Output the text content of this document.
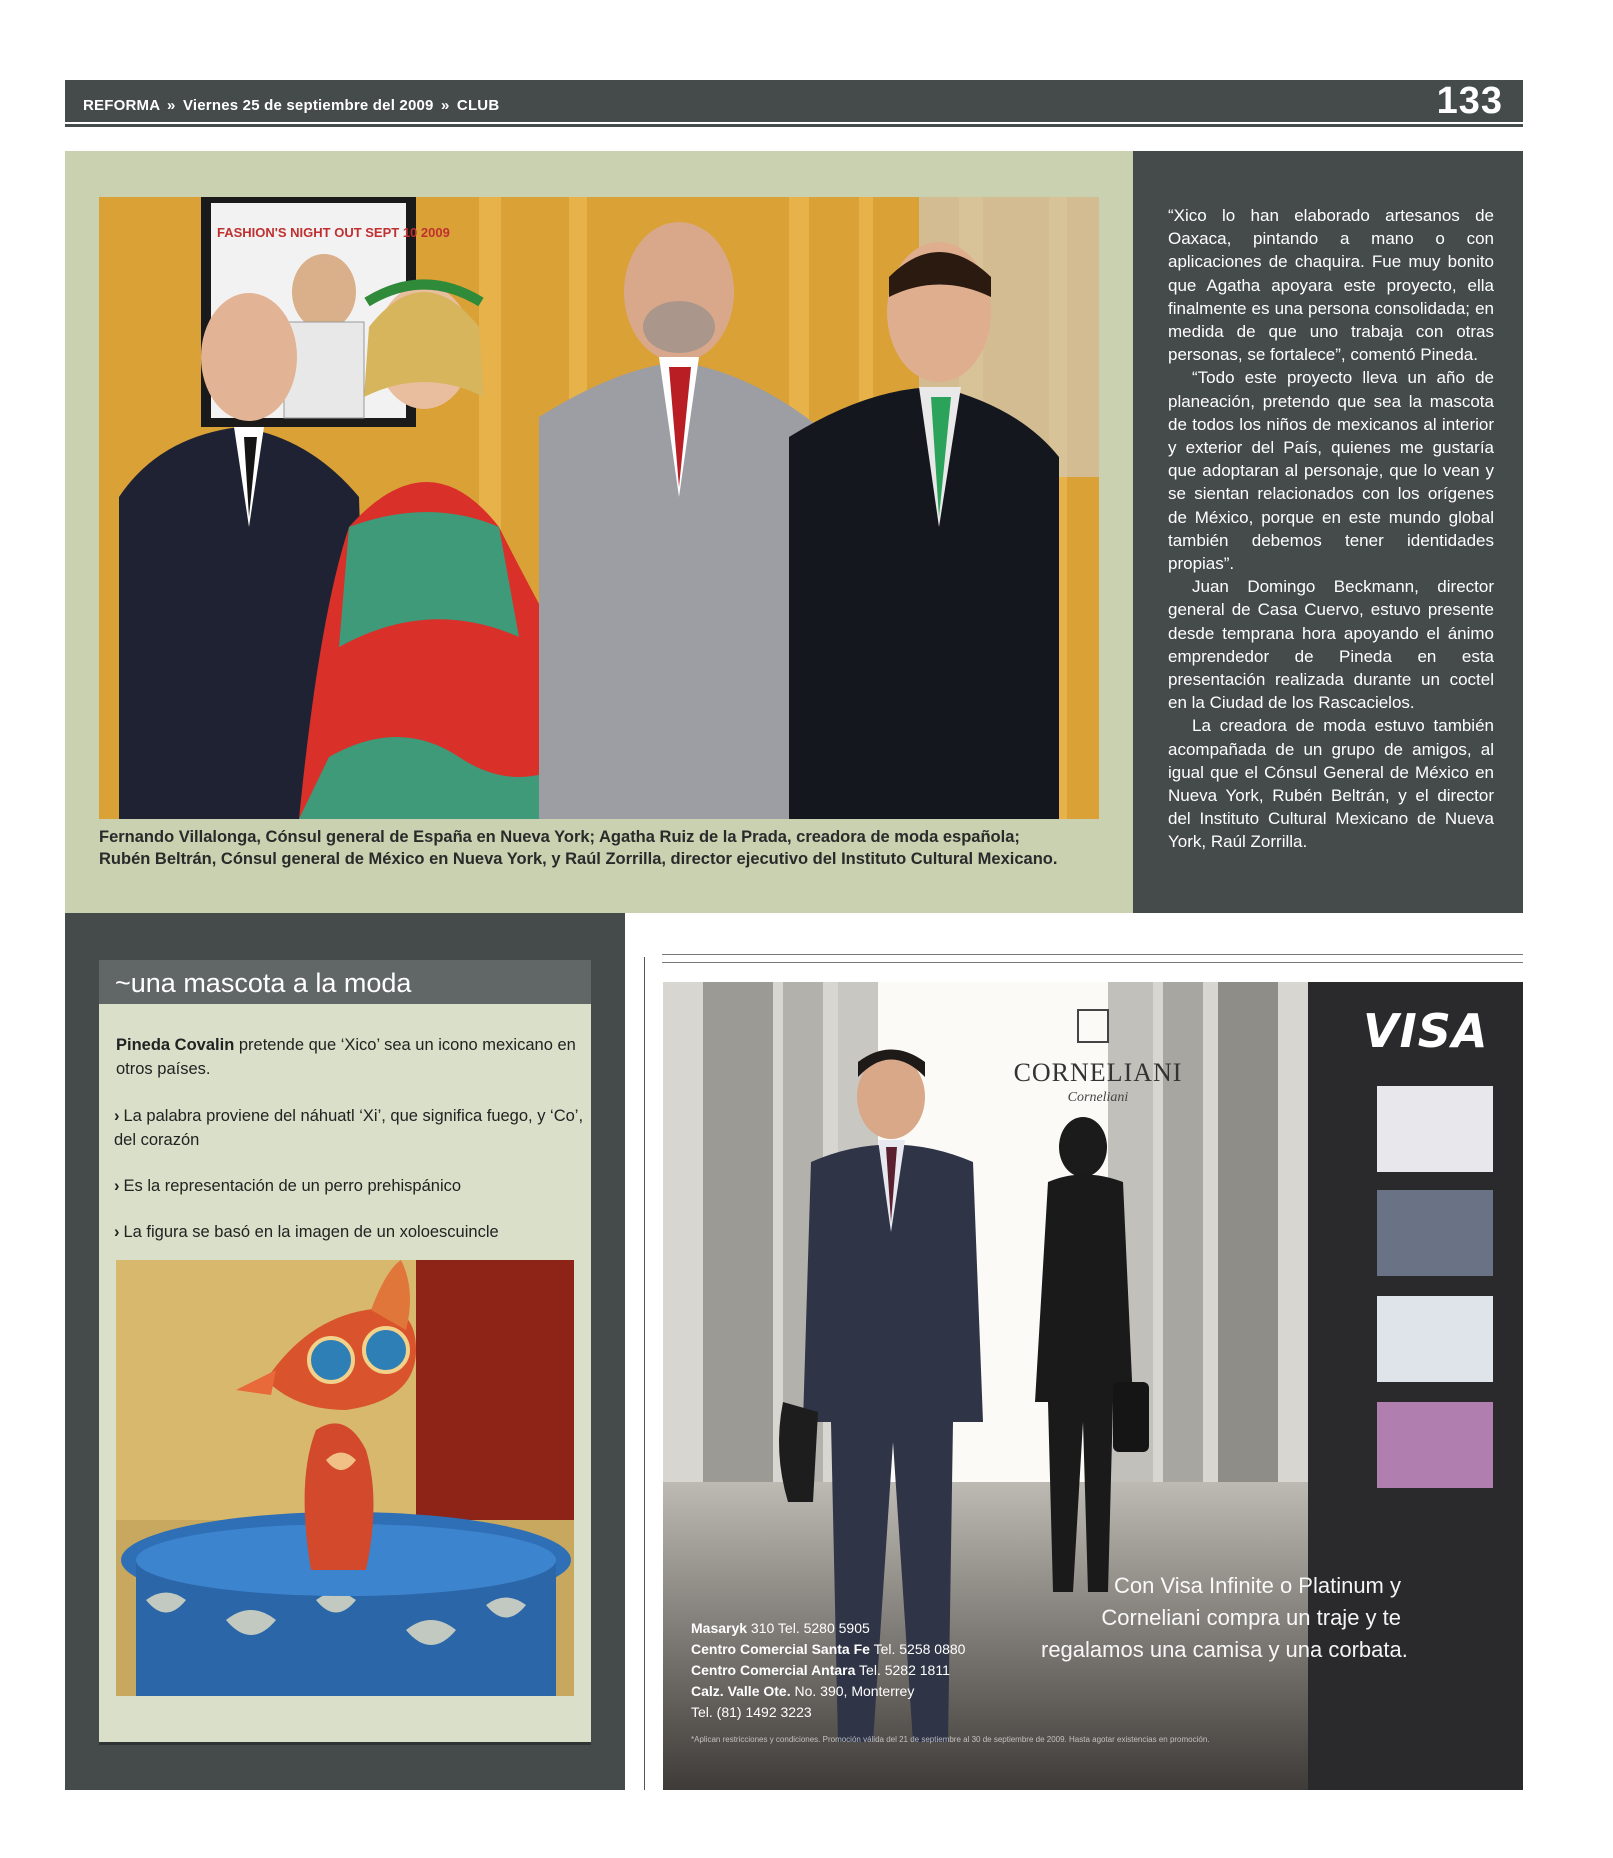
REFORMA » Viernes 25 de septiembre del 2009 » CLUB	133
FASHION'S NIGHT OUT SEPT 10 2009
Fernando Villalonga, Cónsul general de España en Nueva York; Agatha Ruiz de la Prada, creadora de moda española;
Rubén Beltrán, Cónsul general de México en Nueva York, y Raúl Zorrilla, director ejecutivo del Instituto Cultural Mexicano.

“Xico lo han elaborado artesanos de Oaxaca, pintando a mano o con aplicaciones de chaquira. Fue muy bonito que Agatha apoyara este proyecto, ella finalmente es una persona consolidada; en medida de que uno trabaja con otras personas, se fortalece”, comentó Pineda.

“Todo este proyecto lleva un año de planeación, pretendo que sea la mascota de todos los niños de mexicanos al interior y exterior del País, quienes me gustaría que adoptaran al personaje, que lo vean y se sientan relacionados con los orígenes de México, porque en este mundo global también debemos tener identidades propias”.

Juan Domingo Beckmann, director general de Casa Cuervo, estuvo presente desde temprana hora apoyando el ánimo emprendedor de Pineda en esta presentación realizada durante un coctel en la Ciudad de los Rascacielos.

La creadora de moda estuvo también acompañada de un grupo de amigos, al igual que el Cónsul General de México en Nueva York, Rubén Beltrán, y el director del Instituto Cultural Mexicano de Nueva York, Raúl Zorrilla.

~una mascota a la moda
Pineda Covalin pretende que ‘Xico’ sea un icono mexicano en otros países.
› La palabra proviene del náhuatl ‘Xi’, que significa fuego, y ‘Co’, del corazón
› Es la representación de un perro prehispánico
› La figura se basó en la imagen de un xoloescuincle
CORNELIANI
Corneliani
VISA
Con Visa Infinite o Platinum y
Corneliani compra un traje y te
regalamos una camisa y una corbata.
Masaryk 310 Tel. 5280 5905
Centro Comercial Santa Fe Tel. 5258 0880
Centro Comercial Antara Tel. 5282 1811
Calz. Valle Ote. No. 390, Monterrey
Tel. (81) 1492 3223
*Aplican restricciones y condiciones. Promoción válida del 21 de septiembre al 30 de septiembre de 2009. Hasta agotar existencias en promoción.
